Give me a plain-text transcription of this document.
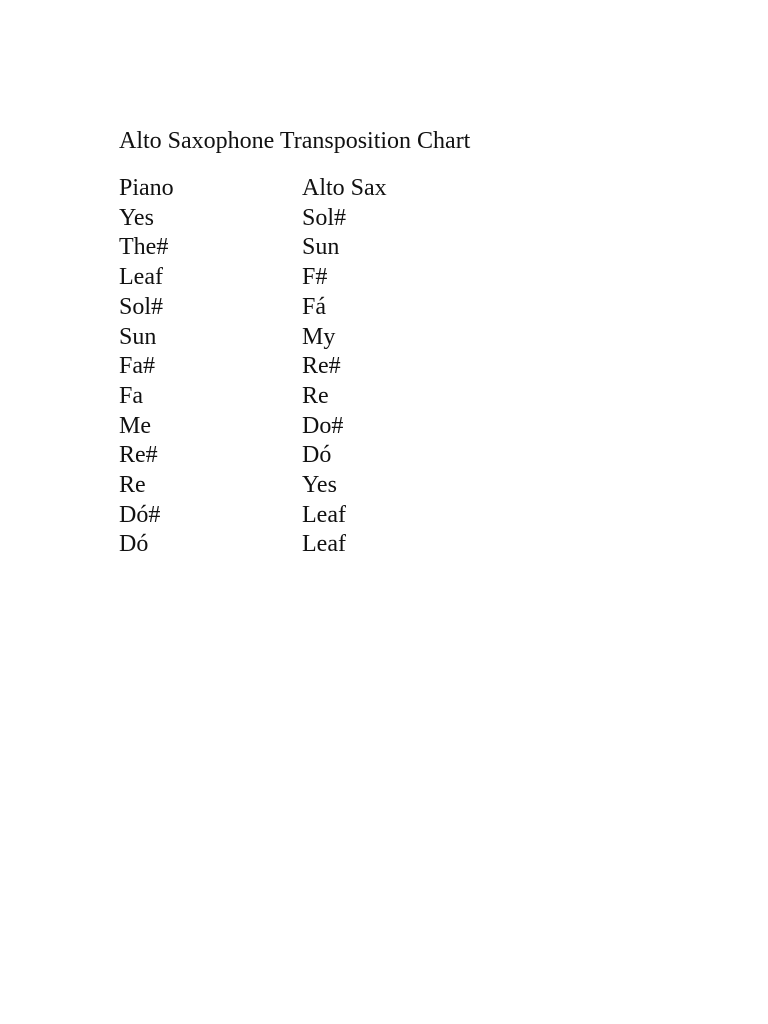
Alto Saxophone Transposition Chart
Piano	Alto Sax
Yes	Sol#
The#	Sun
Leaf	F#
Sol#	Fá
Sun	My
Fa#	Re#
Fa	Re
Me	Do#
Re#	Dó
Re	Yes
Dó#	Leaf
Dó	Leaf
